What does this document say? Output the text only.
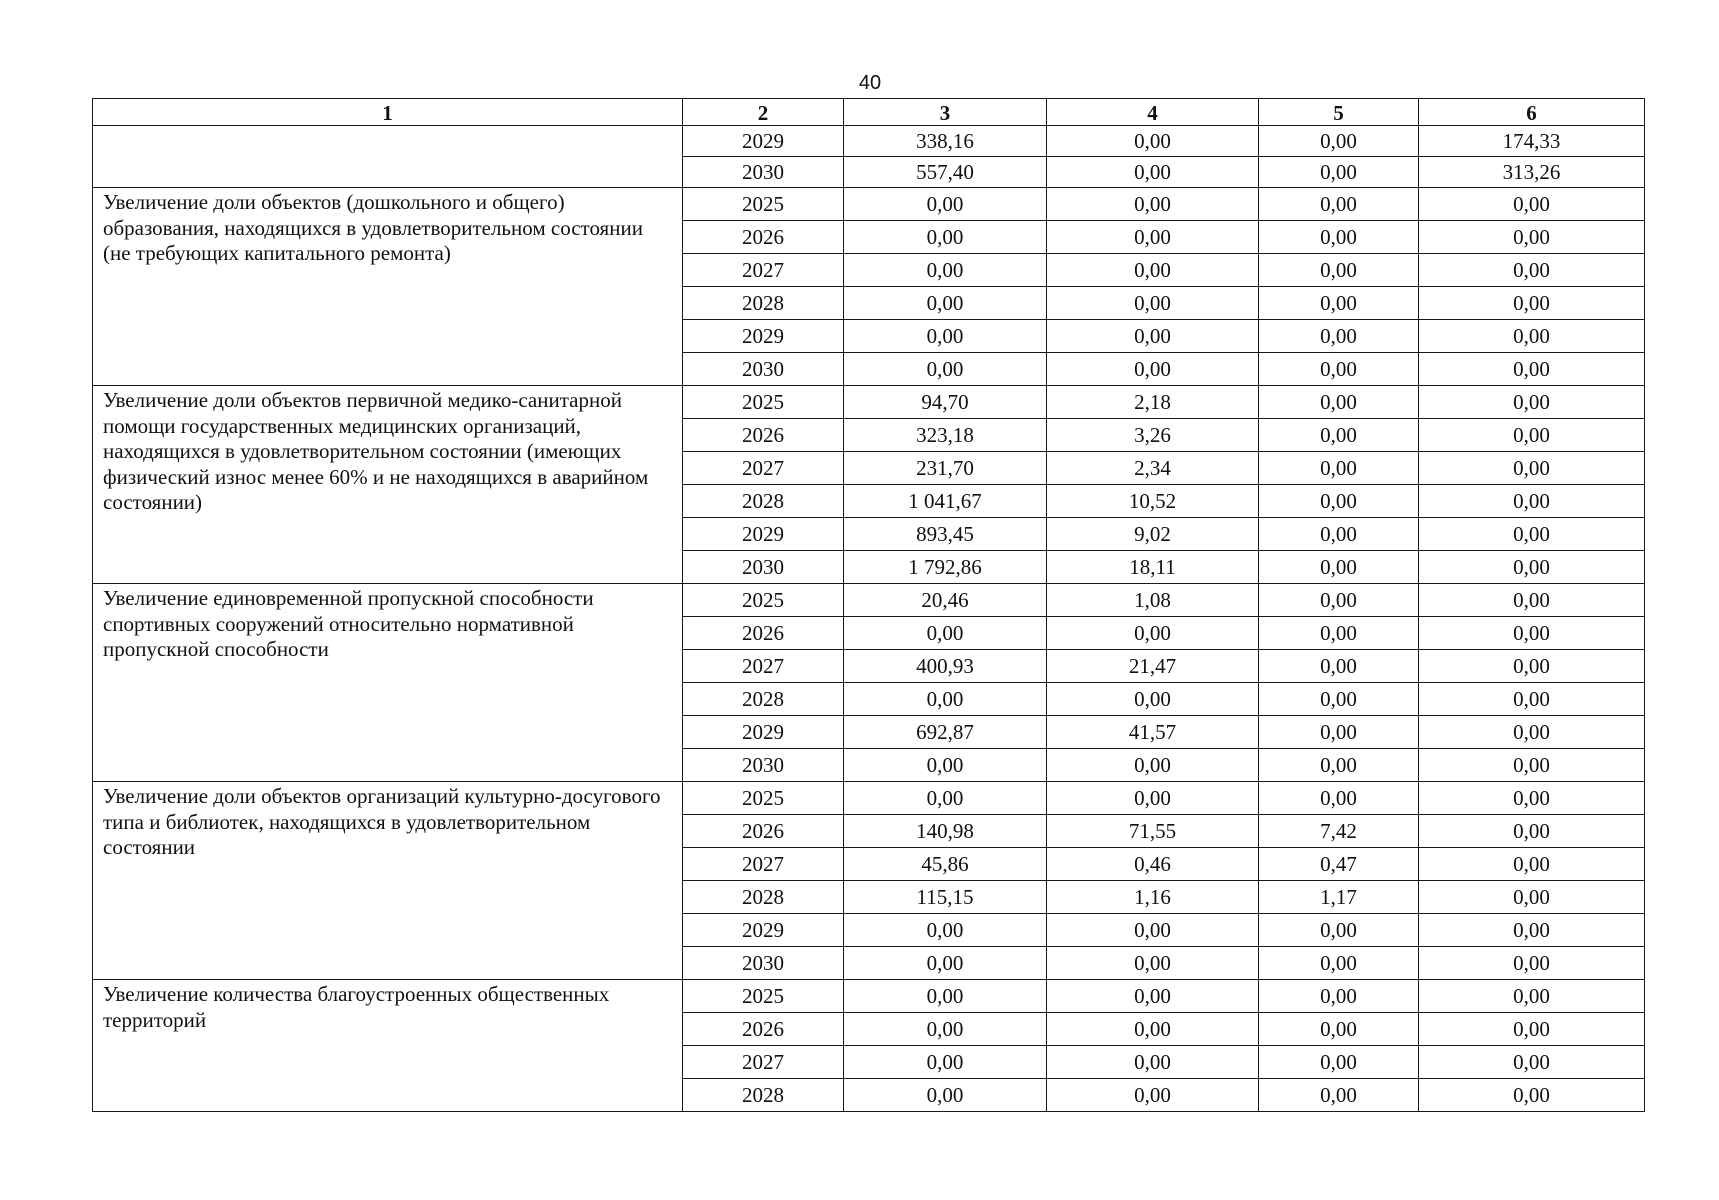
40
1	2	3	4	5	6
	2029	338,16	0,00	0,00	174,33
	2030	557,40	0,00	0,00	313,26
Увеличение доли объектов (дошкольного и общего) образования, находящихся в удовлетворительном состоянии (не требующих капитального ремонта)	2025	0,00	0,00	0,00	0,00
	2026	0,00	0,00	0,00	0,00
	2027	0,00	0,00	0,00	0,00
	2028	0,00	0,00	0,00	0,00
	2029	0,00	0,00	0,00	0,00
	2030	0,00	0,00	0,00	0,00
Увеличение доли объектов первичной медико-санитарной помощи государственных медицинских организаций, находящихся в удовлетворительном состоянии (имеющих физический износ менее 60% и не находящихся в аварийном состоянии)	2025	94,70	2,18	0,00	0,00
	2026	323,18	3,26	0,00	0,00
	2027	231,70	2,34	0,00	0,00
	2028	1 041,67	10,52	0,00	0,00
	2029	893,45	9,02	0,00	0,00
	2030	1 792,86	18,11	0,00	0,00
Увеличение единовременной пропускной способности спортивных сооружений относительно нормативной пропускной способности	2025	20,46	1,08	0,00	0,00
	2026	0,00	0,00	0,00	0,00
	2027	400,93	21,47	0,00	0,00
	2028	0,00	0,00	0,00	0,00
	2029	692,87	41,57	0,00	0,00
	2030	0,00	0,00	0,00	0,00
Увеличение доли объектов организаций культурно-досугового типа и библиотек, находящихся в удовлетворительном состоянии	2025	0,00	0,00	0,00	0,00
	2026	140,98	71,55	7,42	0,00
	2027	45,86	0,46	0,47	0,00
	2028	115,15	1,16	1,17	0,00
	2029	0,00	0,00	0,00	0,00
	2030	0,00	0,00	0,00	0,00
Увеличение количества благоустроенных общественных территорий	2025	0,00	0,00	0,00	0,00
	2026	0,00	0,00	0,00	0,00
	2027	0,00	0,00	0,00	0,00
	2028	0,00	0,00	0,00	0,00
